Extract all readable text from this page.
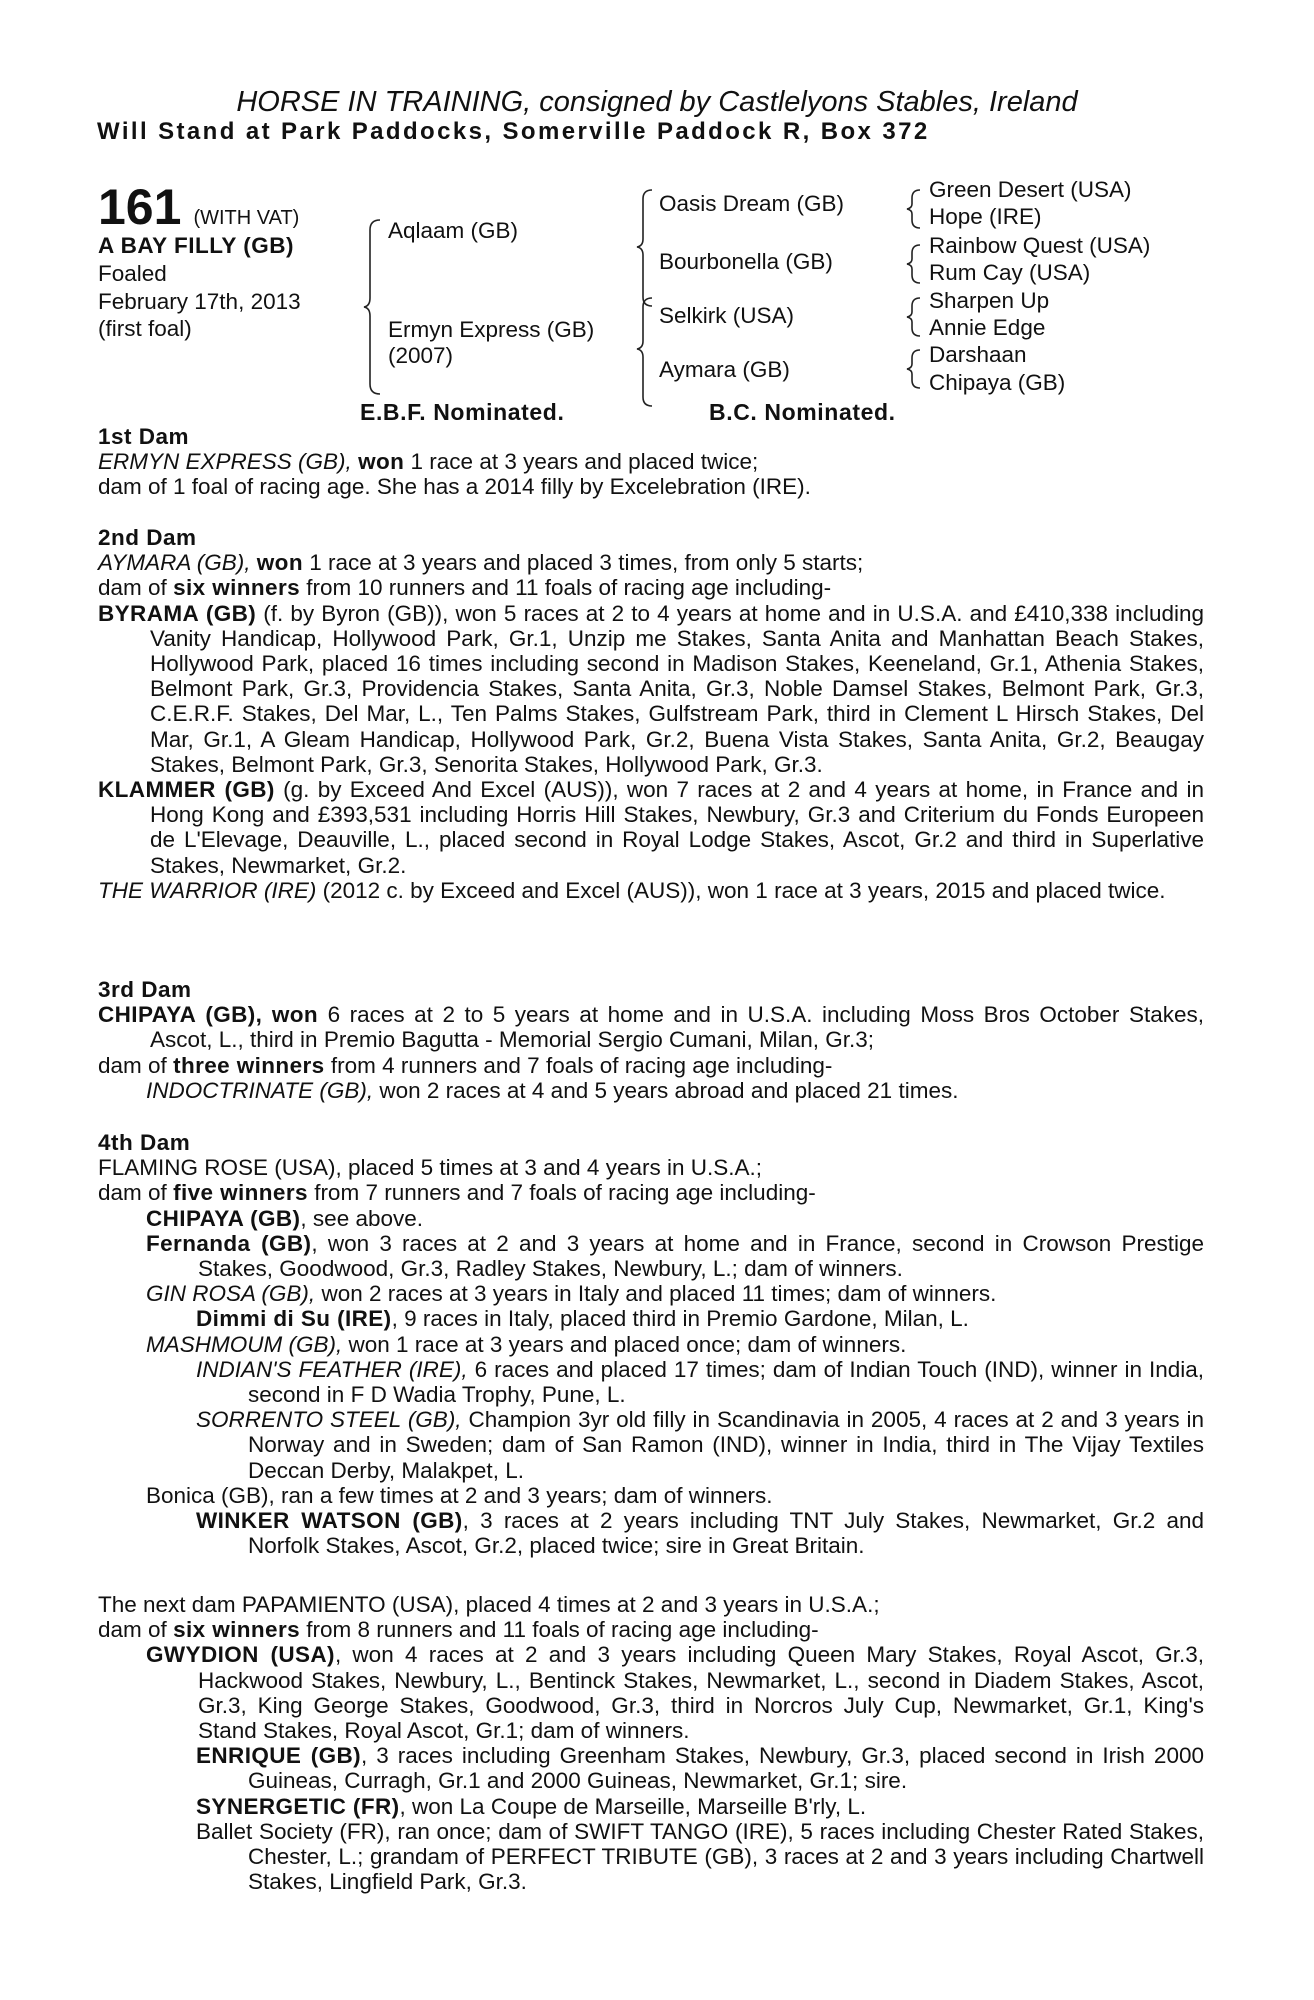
HORSE IN TRAINING, consigned by Castlelyons Stables, Ireland
Will Stand at Park Paddocks, Somerville Paddock R, Box 372
161 (WITH VAT)
A BAY FILLY (GB)
Foaled
February 17th, 2013
(first foal)
Aqlaam (GB)
Ermyn Express (GB)
(2007)
Oasis Dream (GB)
Bourbonella (GB)
Selkirk (USA)
Aymara (GB)
Green Desert (USA)
Hope (IRE)
Rainbow Quest (USA)
Rum Cay (USA)
Sharpen Up
Annie Edge
Darshaan
Chipaya (GB)
E.B.F. Nominated.	B.C. Nominated.

1st Dam

ERMYN EXPRESS (GB), won 1 race at 3 years and placed twice;

dam of 1 foal of racing age. She has a 2014 filly by Excelebration (IRE).

2nd Dam

AYMARA (GB), won 1 race at 3 years and placed 3 times, from only 5 starts;

dam of six winners from 10 runners and 11 foals of racing age including-

BYRAMA (GB) (f. by Byron (GB)), won 5 races at 2 to 4 years at home and in U.S.A. and £410,338 including Vanity Handicap, Hollywood Park, Gr.1, Unzip me Stakes, Santa Anita and Manhattan Beach Stakes, Hollywood Park, placed 16 times including second in Madison Stakes, Keeneland, Gr.1, Athenia Stakes, Belmont Park, Gr.3, Providencia Stakes, Santa Anita, Gr.3, Noble Damsel Stakes, Belmont Park, Gr.3, C.E.R.F. Stakes, Del Mar, L., Ten Palms Stakes, Gulfstream Park, third in Clement L Hirsch Stakes, Del Mar, Gr.1, A Gleam Handicap, Hollywood Park, Gr.2, Buena Vista Stakes, Santa Anita, Gr.2, Beaugay Stakes, Belmont Park, Gr.3, Senorita Stakes, Hollywood Park, Gr.3.

KLAMMER (GB) (g. by Exceed And Excel (AUS)), won 7 races at 2 and 4 years at home, in France and in Hong Kong and £393,531 including Horris Hill Stakes, Newbury, Gr.3 and Criterium du Fonds Europeen de L'Elevage, Deauville, L., placed second in Royal Lodge Stakes, Ascot, Gr.2 and third in Superlative Stakes, Newmarket, Gr.2.

THE WARRIOR (IRE) (2012 c. by Exceed and Excel (AUS)), won 1 race at 3 years, 2015 and placed twice.

3rd Dam

CHIPAYA (GB), won 6 races at 2 to 5 years at home and in U.S.A. including Moss Bros October Stakes, Ascot, L., third in Premio Bagutta - Memorial Sergio Cumani, Milan, Gr.3;

dam of three winners from 4 runners and 7 foals of racing age including-

INDOCTRINATE (GB), won 2 races at 4 and 5 years abroad and placed 21 times.

4th Dam

FLAMING ROSE (USA), placed 5 times at 3 and 4 years in U.S.A.;

dam of five winners from 7 runners and 7 foals of racing age including-

CHIPAYA (GB), see above.

Fernanda (GB), won 3 races at 2 and 3 years at home and in France, second in Crowson Prestige Stakes, Goodwood, Gr.3, Radley Stakes, Newbury, L.; dam of winners.

GIN ROSA (GB), won 2 races at 3 years in Italy and placed 11 times; dam of winners.

Dimmi di Su (IRE), 9 races in Italy, placed third in Premio Gardone, Milan, L.

MASHMOUM (GB), won 1 race at 3 years and placed once; dam of winners.

INDIAN'S FEATHER (IRE), 6 races and placed 17 times; dam of Indian Touch (IND), winner in India, second in F D Wadia Trophy, Pune, L.

SORRENTO STEEL (GB), Champion 3yr old filly in Scandinavia in 2005, 4 races at 2 and 3 years in Norway and in Sweden; dam of San Ramon (IND), winner in India, third in The Vijay Textiles Deccan Derby, Malakpet, L.

Bonica (GB), ran a few times at 2 and 3 years; dam of winners.

WINKER WATSON (GB), 3 races at 2 years including TNT July Stakes, Newmarket, Gr.2 and Norfolk Stakes, Ascot, Gr.2, placed twice; sire in Great Britain.

The next dam PAPAMIENTO (USA), placed 4 times at 2 and 3 years in U.S.A.;

dam of six winners from 8 runners and 11 foals of racing age including-

GWYDION (USA), won 4 races at 2 and 3 years including Queen Mary Stakes, Royal Ascot, Gr.3, Hackwood Stakes, Newbury, L., Bentinck Stakes, Newmarket, L., second in Diadem Stakes, Ascot, Gr.3, King George Stakes, Goodwood, Gr.3, third in Norcros July Cup, Newmarket, Gr.1, King's Stand Stakes, Royal Ascot, Gr.1; dam of winners.

ENRIQUE (GB), 3 races including Greenham Stakes, Newbury, Gr.3, placed second in Irish 2000 Guineas, Curragh, Gr.1 and 2000 Guineas, Newmarket, Gr.1; sire.

SYNERGETIC (FR), won La Coupe de Marseille, Marseille B'rly, L.

Ballet Society (FR), ran once; dam of SWIFT TANGO (IRE), 5 races including Chester Rated Stakes, Chester, L.; grandam of PERFECT TRIBUTE (GB), 3 races at 2 and 3 years including Chartwell Stakes, Lingfield Park, Gr.3.
